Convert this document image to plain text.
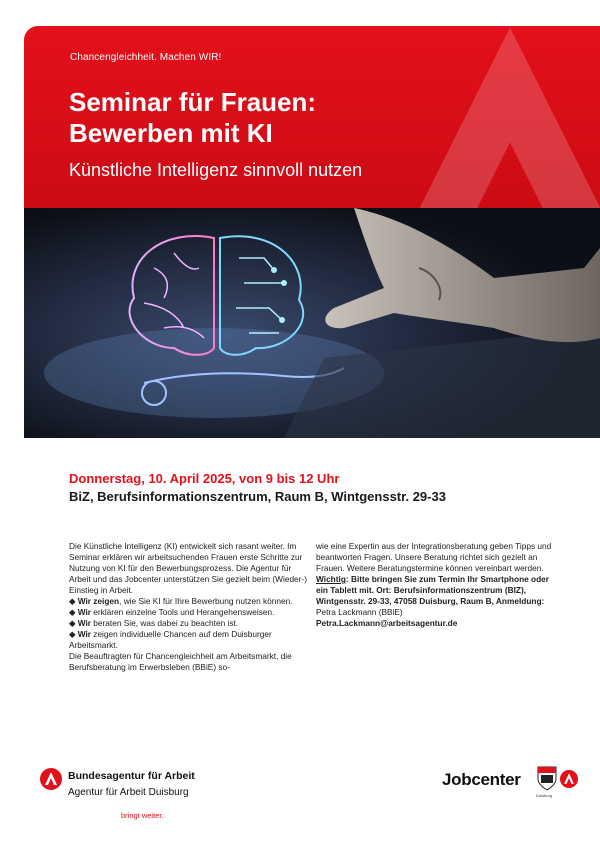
Chancengleichheit. Machen WIR!
Seminar für Frauen:
Bewerben mit KI
Künstliche Intelligenz sinnvoll nutzen
Donnerstag, 10. April 2025, von 9 bis 12 Uhr
BiZ, Berufsinformationszentrum, Raum B, Wintgensstr. 29-33

Die Künstliche Intelligenz (KI) entwickelt sich rasant weiter. Im Seminar erklären wir arbeitsuchenden Frauen erste Schritte zur Nutzung von KI für den Bewerbungsprozess. Die Agentur für Arbeit und das Jobcenter unterstützen Sie gezielt beim (Wieder-) Einstieg in Arbeit.

◆ Wir zeigen, wie Sie KI für Ihre Bewerbung nutzen können.

◆ Wir erklären einzelne Tools und Herangehensweisen.

◆ Wir beraten Sie, was dabei zu beachten ist.

◆ Wir zeigen individuelle Chancen auf dem Duisburger Arbeitsmarkt.

Die Beauftragten für Chancengleichheit am Arbeitsmarkt, die Berufsberatung im Erwerbsleben (BBiE) so-

wie eine Expertin aus der Integrationsberatung geben Tipps und beantworten Fragen. Unsere Beratung richtet sich gezielt an Frauen. Weitere Beratungstermine können vereinbart werden. Wichtig: Bitte bringen Sie zum Termin Ihr Smartphone oder ein Tablett mit. Ort: Berufsinformationszentrum (BIZ), Wintgensstr. 29-33, 47058 Duisburg, Raum B, Anmeldung:

Petra Lackmann (BBiE)

Petra.Lackmann@arbeitsagentur.de

Bundesagentur für Arbeit
Agentur für Arbeit Duisburg
bringt weiter.
Jobcenter
Duisburg
